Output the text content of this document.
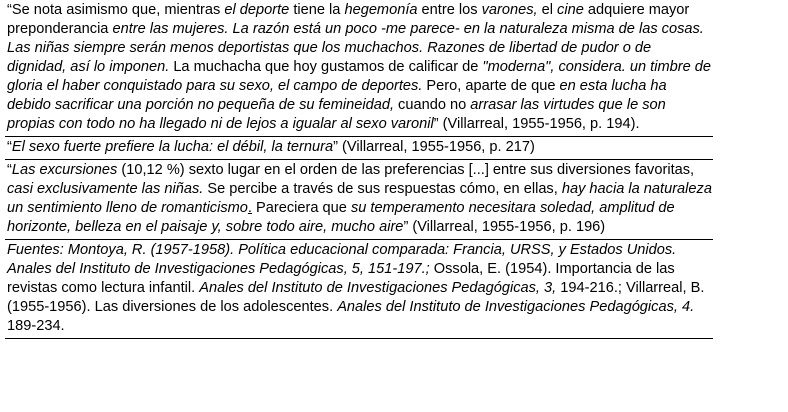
“Se nota asimismo que, mientras el deporte tiene la hegemonía entre los varones, el cine adquiere mayor preponderancia entre las mujeres. La razón está un poco -me parece- en la naturaleza misma de las cosas. Las niñas siempre serán menos deportistas que los muchachos. Razones de libertad de pudor o de dignidad, así lo imponen. La muchacha que hoy gustamos de calificar de "moderna", considera. un timbre de gloria el haber conquistado para su sexo, el campo de deportes. Pero, aparte de que en esta lucha ha debido sacrificar una porción no pequeña de su femineidad, cuando no arrasar las virtudes que le son propias con todo no ha llegado ni de lejos a igualar al sexo varonil” (Villarreal, 1955-1956, p. 194).

“El sexo fuerte prefiere la lucha: el débil, la ternura” (Villarreal, 1955-1956, p. 217)

“Las excursiones (10,12 %) sexto lugar en el orden de las preferencias [...] entre sus diversiones favoritas, casi exclusivamente las niñas. Se percibe a través de sus respuestas cómo, en ellas, hay hacia la naturaleza un sentimiento lleno de romanticismo. Pareciera que su temperamento necesitara soledad, amplitud de horizonte, belleza en el paisaje y, sobre todo aire, mucho aire” (Villarreal, 1955-1956, p. 196)

Fuentes: Montoya, R. (1957-1958). Política educacional comparada: Francia, URSS, y Estados Unidos. Anales del Instituto de Investigaciones Pedagógicas, 5, 151-197.; Ossola, E. (1954). Importancia de las revistas como lectura infantil. Anales del Instituto de Investigaciones Pedagógicas, 3, 194-216.; Villarreal, B. (1955-1956). Las diversiones de los adolescentes. Anales del Instituto de Investigaciones Pedagógicas, 4. 189-234.
